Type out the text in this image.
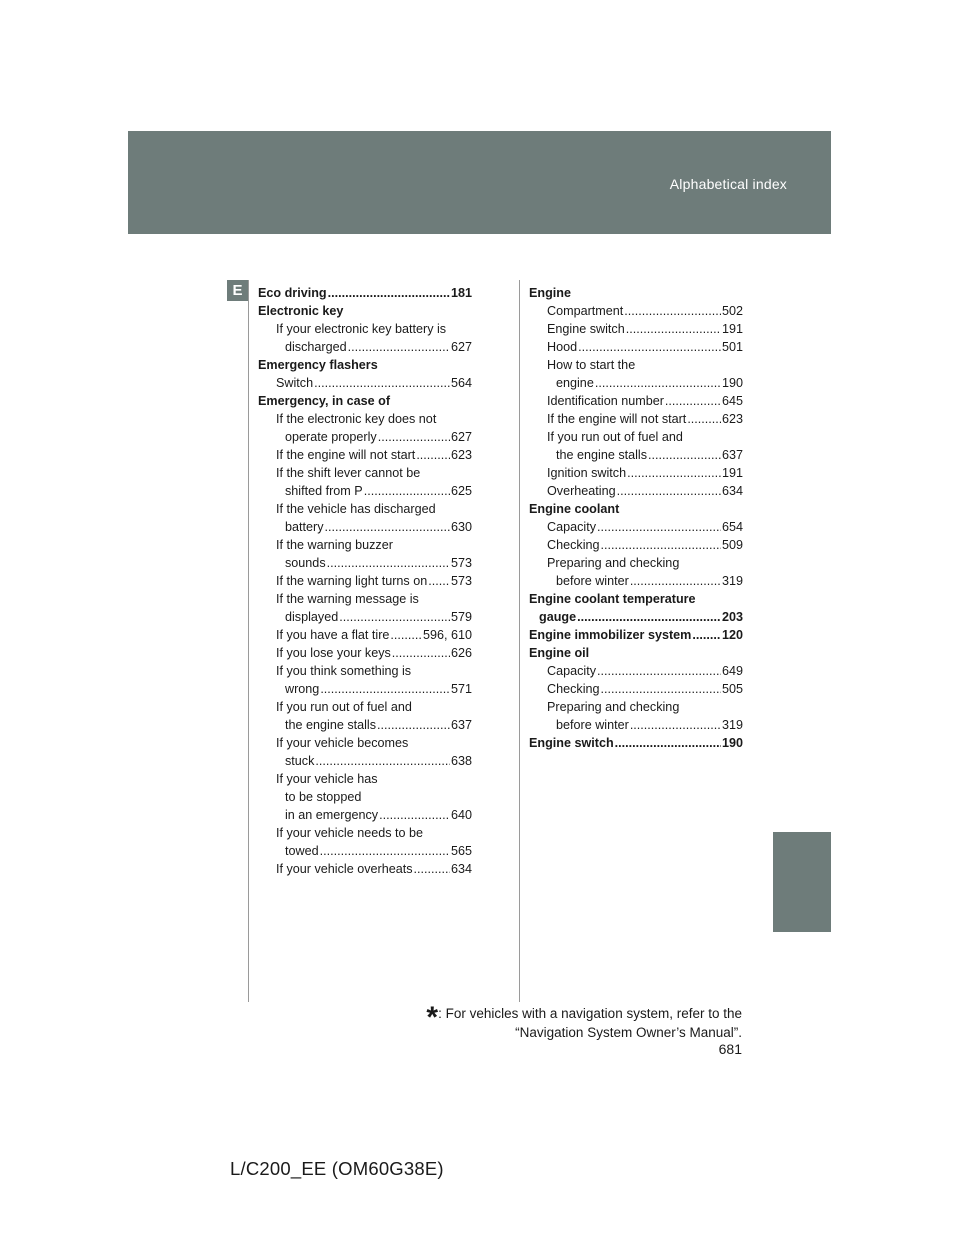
Alphabetical index
E	Eco driving .....	181
Electronic key
If your electronic key battery is
discharged .....	627
Emergency flashers
Switch .....	564
Emergency, in case of
If the electronic key does not
operate properly .....	627
If the engine will not start .....	623
If the shift lever cannot be
shifted from P .....	625
If the vehicle has discharged
battery .....	630
If the warning buzzer
sounds .....	573
If the warning light turns on ..... 573
If the warning message is
displayed .....	579
If you have a flat tire .....	596, 610
If you lose your keys .....	626
If you think something is
wrong .....	571
If you run out of fuel and
the engine stalls .....	637
If your vehicle becomes
stuck .....	638
If your vehicle has
to be stopped
in an emergency .....	640
If your vehicle needs to be
towed .....	565
If your vehicle overheats .....	634
Engine
Compartment .....	502
Engine switch .....	191
Hood .....	501
How to start the
engine .....	190
Identification number .....	645
If the engine will not start .....	623
If you run out of fuel and
the engine stalls .....	637
Ignition switch .....	191
Overheating .....	634
Engine coolant
Capacity .....	654
Checking .....	509
Preparing and checking
before winter .....	319
Engine coolant temperature
gauge .....	203
Engine immobilizer system ..... 120
Engine oil
Capacity .....	649
Checking .....	505
Preparing and checking
before winter .....	319
Engine switch .....	190
*: For vehicles with a navigation system, refer to the
“Navigation System Owner’s Manual”.
681
L/C200_EE (OM60G38E)
